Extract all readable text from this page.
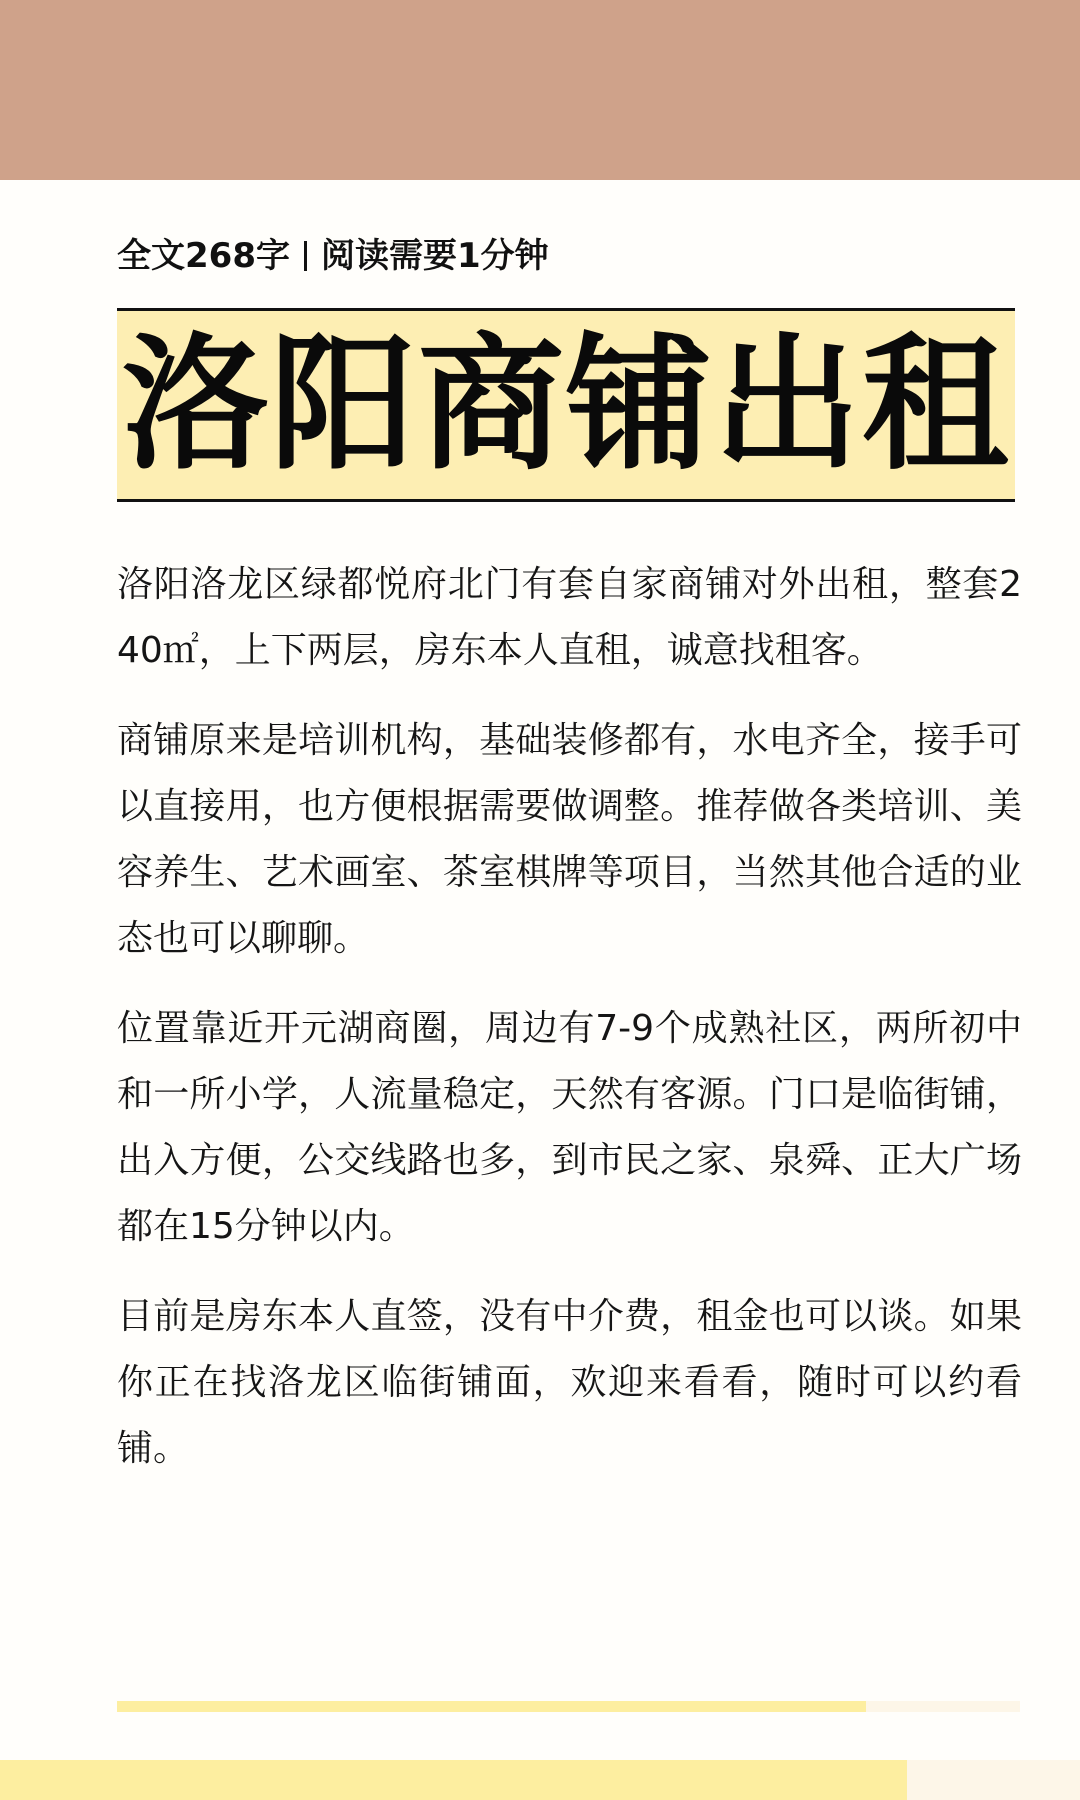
全文268字 阅读需要1分钟
洛阳商铺出租

洛阳洛龙区绿都悦府北门有套自家商铺对外出租，整套240㎡，上下两层，房东本人直租，诚意找租客。

商铺原来是培训机构，基础装修都有，水电齐全，接手可以直接用，也方便根据需要做调整。推荐做各类培训、美容养生、艺术画室、茶室棋牌等项目，当然其他合适的业态也可以聊聊。

位置靠近开元湖商圈，周边有7-9个成熟社区，两所初中和一所小学，人流量稳定，天然有客源。门口是临街铺，出入方便，公交线路也多，到市民之家、泉舜、正大广场都在15分钟以内。

目前是房东本人直签，没有中介费，租金也可以谈。如果你正在找洛龙区临街铺面，欢迎来看看，随时可以约看铺。
